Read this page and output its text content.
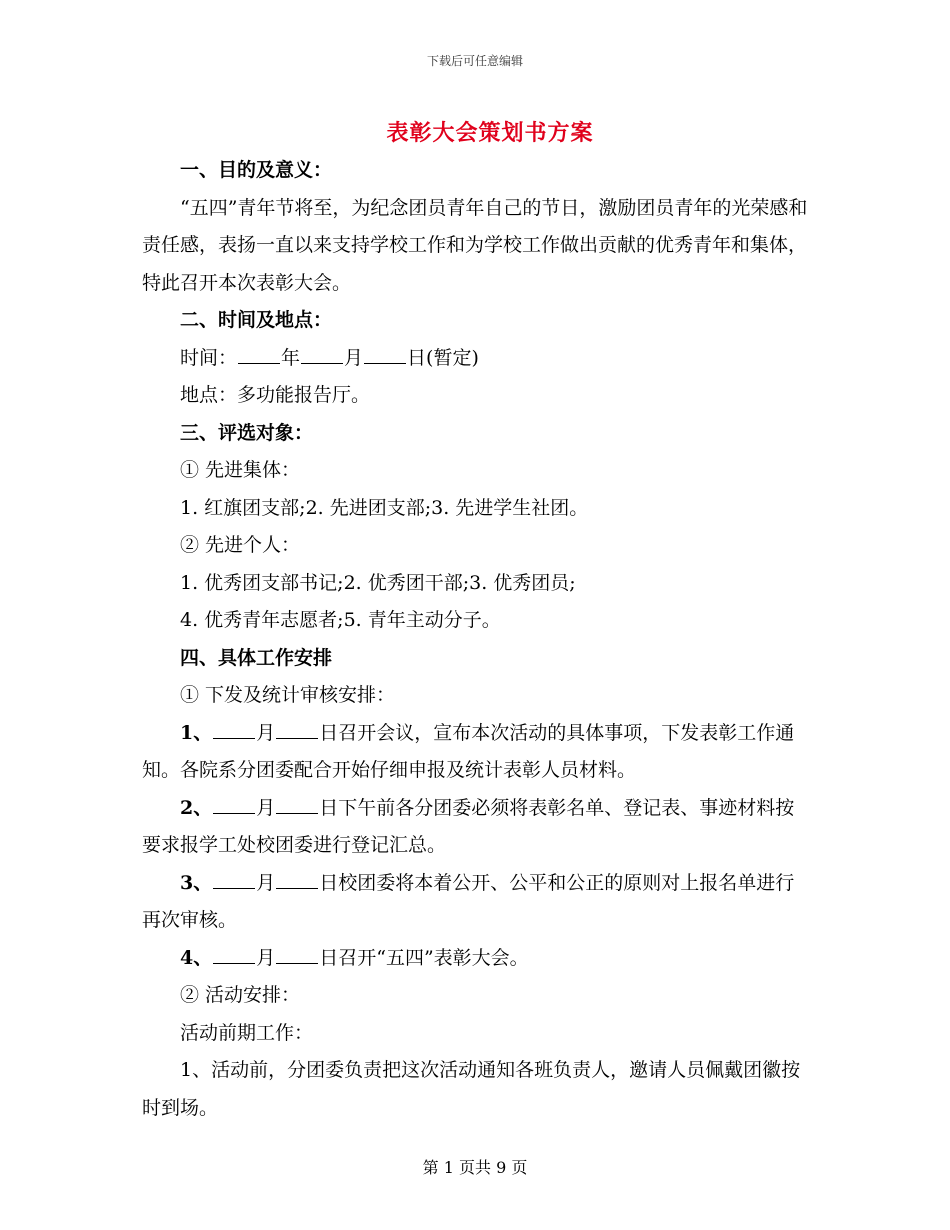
下载后可任意编辑
表彰大会策划书方案

一、目的及意义：

“五四”青年节将至，为纪念团员青年自己的节日，激励团员青年的光荣感和责任感，表扬一直以来支持学校工作和为学校工作做出贡献的优秀青年和集体，特此召开本次表彰大会。

二、时间及地点：

时间： 年 月 日(暂定)

地点：多功能报告厅。

三、评选对象：

① 先进集体：

1. 红旗团支部;2. 先进团支部;3. 先进学生社团。

② 先进个人：

1. 优秀团支部书记;2. 优秀团干部;3. 优秀团员;

4. 优秀青年志愿者;5. 青年主动分子。

四、具体工作安排

① 下发及统计审核安排：

1、 月 日召开会议，宣布本次活动的具体事项，下发表彰工作通知。各院系分团委配合开始仔细申报及统计表彰人员材料。

2、 月 日下午前各分团委必须将表彰名单、登记表、事迹材料按要求报学工处校团委进行登记汇总。

3、 月 日校团委将本着公开、公平和公正的原则对上报名单进行再次审核。

4、 月 日召开“五四”表彰大会。

② 活动安排：

活动前期工作：

1、活动前，分团委负责把这次活动通知各班负责人，邀请人员佩戴团徽按时到场。

第 1 页共 9 页
